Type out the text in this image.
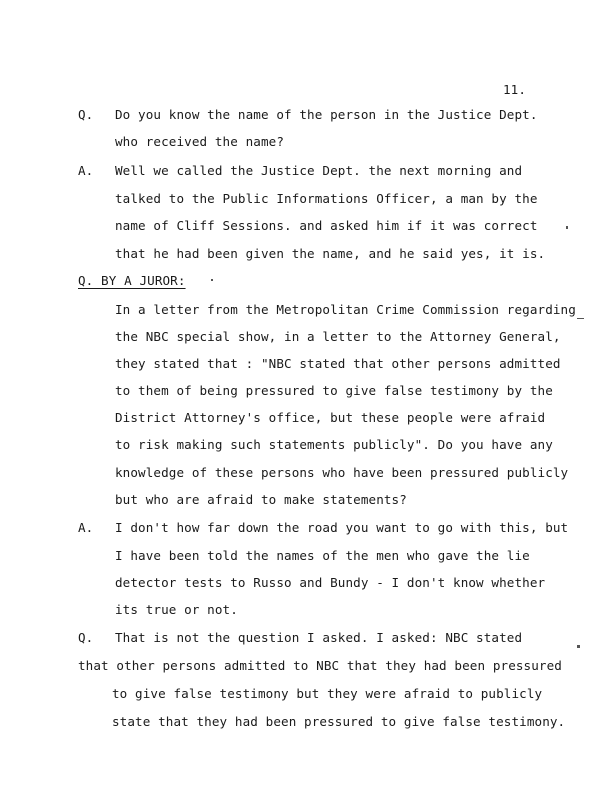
11.
Q. Do you know the name of the person in the Justice Dept.
who received the name?
A. Well we called the Justice Dept. the next morning and
talked to the Public Informations Officer, a man by the
name of Cliff Sessions. and asked him if it was correct
that he had been given the name, and he said yes, it is.
Q. BY A JUROR:
In a letter from the Metropolitan Crime Commission regarding
the NBC special show, in a letter to the Attorney General,
they stated that : "NBC stated that other persons admitted
to them of being pressured to give false testimony by the
District Attorney's office, but these people were afraid
to risk making such statements publicly". Do you have any
knowledge of these persons who have been pressured publicly
but who are afraid to make statements?
A. I don't how far down the road you want to go with this, but
I have been told the names of the men who gave the lie
detector tests to Russo and Bundy - I don't know whether
its true or not.
Q. That is not the question I asked. I asked: NBC stated
that other persons admitted to NBC that they had been pressured
to give false testimony but they were afraid to publicly
state that they had been pressured to give false testimony.
